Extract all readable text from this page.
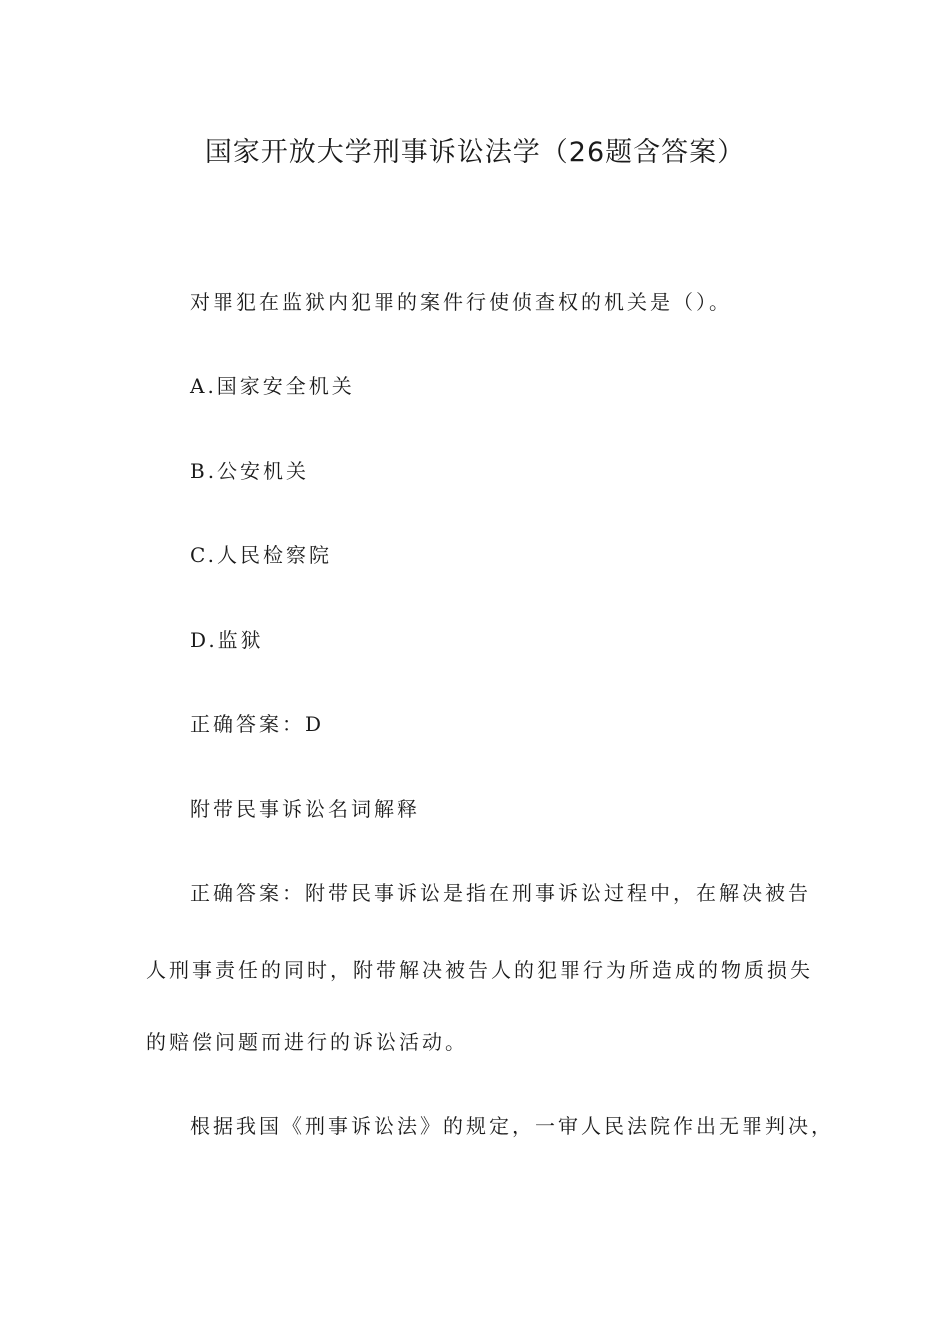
国家开放大学刑事诉讼法学（26题含答案）

对罪犯在监狱内犯罪的案件行使侦查权的机关是（）。

A.国家安全机关

B.公安机关

C.人民检察院

D.监狱

正确答案：D

附带民事诉讼名词解释

正确答案：附带民事诉讼是指在刑事诉讼过程中，在解决被告

人刑事责任的同时，附带解决被告人的犯罪行为所造成的物质损失

的赔偿问题而进行的诉讼活动。

根据我国《刑事诉讼法》的规定，一审人民法院作出无罪判决，
